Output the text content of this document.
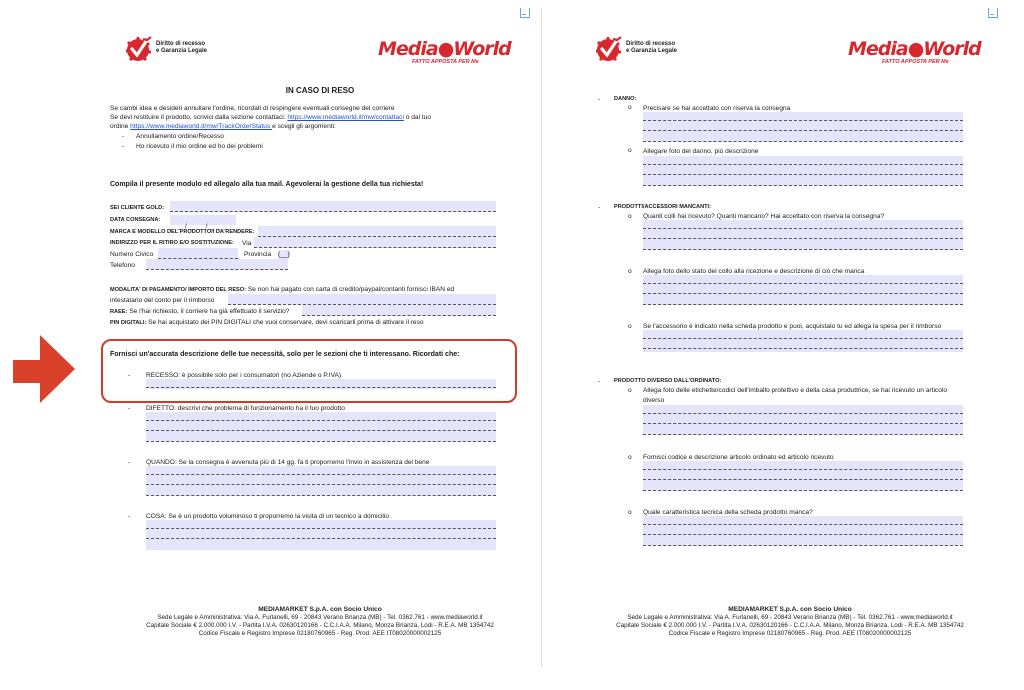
Diritto di recesso
e Garanzia Legale	Media●World
FATTO APPOSTA PER Me
IN CASO DI RESO
Se cambi idea e desideri annullare l'ordine, ricordati di respingere eventuali consegne del corriere
Se devi restituire il prodotto, scrivici dalla sezione contattaci: https://www.mediaworld.it/mw/contattaci o dal tuo
ordine https://www.mediaworld.it/mw/TrackOrderStatus e scegli gli argomenti:
- Annullamento ordine/Recesso
- Ho ricevuto il mio ordine ed ho dei problemi
Compila il presente modulo ed allegalo alla tua mail. Agevolerai la gestione della tua richiesta!
SEI CLIENTE GOLD:
DATA CONSEGNA:
_ _ / _ _ /_ _ _ _
MARCA E MODELLO DEL PRODOTTO/I DA RENDERE:
INDIRIZZO PER IL RITIRO E/O SOSTITUZIONE: Via
Numero Civico	Provincia (__)
Telefono
MODALITA' DI PAGAMENTO/ IMPORTO DEL RESO: Se non hai pagato con carta di credito/paypal/contanti fornisci IBAN ed
intestatario del conto per il rimborso
RAEE: Se l'hai richiesto, il corriere ha già effettuato il servizio?
PIN DIGITALI: Se hai acquistato dei PIN DIGITALI che vuoi conservare, devi scaricarli prima di attivare il reso
Fornisci un'accurata descrizione delle tue necessità, solo per le sezioni che ti interessano. Ricordati che:
- RECESSO: è possibile solo per i consumatori (no Aziende o P.IVA)
- DIFETTO: descrivi che problema di funzionamento ha il tuo prodotto
- QUANDO: Se la consegna è avvenuta più di 14 gg. fa ti proporremo l'invio in assistenza del bene
- COSA: Se è un prodotto voluminoso ti proporremo la visita di un tecnico a domicilio
MEDIAMARKET S.p.A. con Socio Unico
Sede Legale e Amministrativa: Via A. Furlanelli, 69 - 20843 Verano Brianza (MB) - Tel. 0362.761 - www.mediaworld.it
Capitale Sociale € 2.000.000 I.V. - Partita I.V.A. 02630120166 - C.C.I.A.A. Milano, Monza Brianza, Lodi - R.E.A. MB 1354742
Codice Fiscale e Registro Imprese 02180760965 - Reg. Prod. AEE IT08020000002125
Diritto di recesso
e Garanzia Legale	Media●World
FATTO APPOSTA PER Me
- DANNO:
o Precisare se hai accettato con riserva la consegna
o Allegare foto del danno, più descrizione
- PRODOTTI/ACCESSORI MANCANTI:
o Quanti colli hai ricevuto? Quanti mancano? Hai accettato con riserva la consegna?
o Allega foto dello stato del collo alla ricezione e descrizione di ciò che manca
o Se l'accessorio è indicato nella scheda prodotto e puoi, acquistalo tu ed allega la spesa per il rimborso
- PRODOTTO DIVERSO DALL'ORDINATO:
o Allega foto delle etichette/codici dell'imballo protettivo e della casa produttrice, se hai ricevuto un articolo
diverso
o Fornisci codice e descrizione articolo ordinato ed articolo ricevuto
o Quale caratteristica tecnica della scheda prodotto manca?
MEDIAMARKET S.p.A. con Socio Unico
Sede Legale e Amministrativa: Via A. Furlanelli, 69 - 20843 Verano Brianza (MB) - Tel. 0362.761 - www.mediaworld.it
Capitale Sociale € 2.000.000 I.V. - Partita I.V.A. 02630120166 - C.C.I.A.A. Milano, Monza Brianza, Lodi - R.E.A. MB 1354742
Codice Fiscale e Registro Imprese 02180760965 - Reg. Prod. AEE IT08020000002125
